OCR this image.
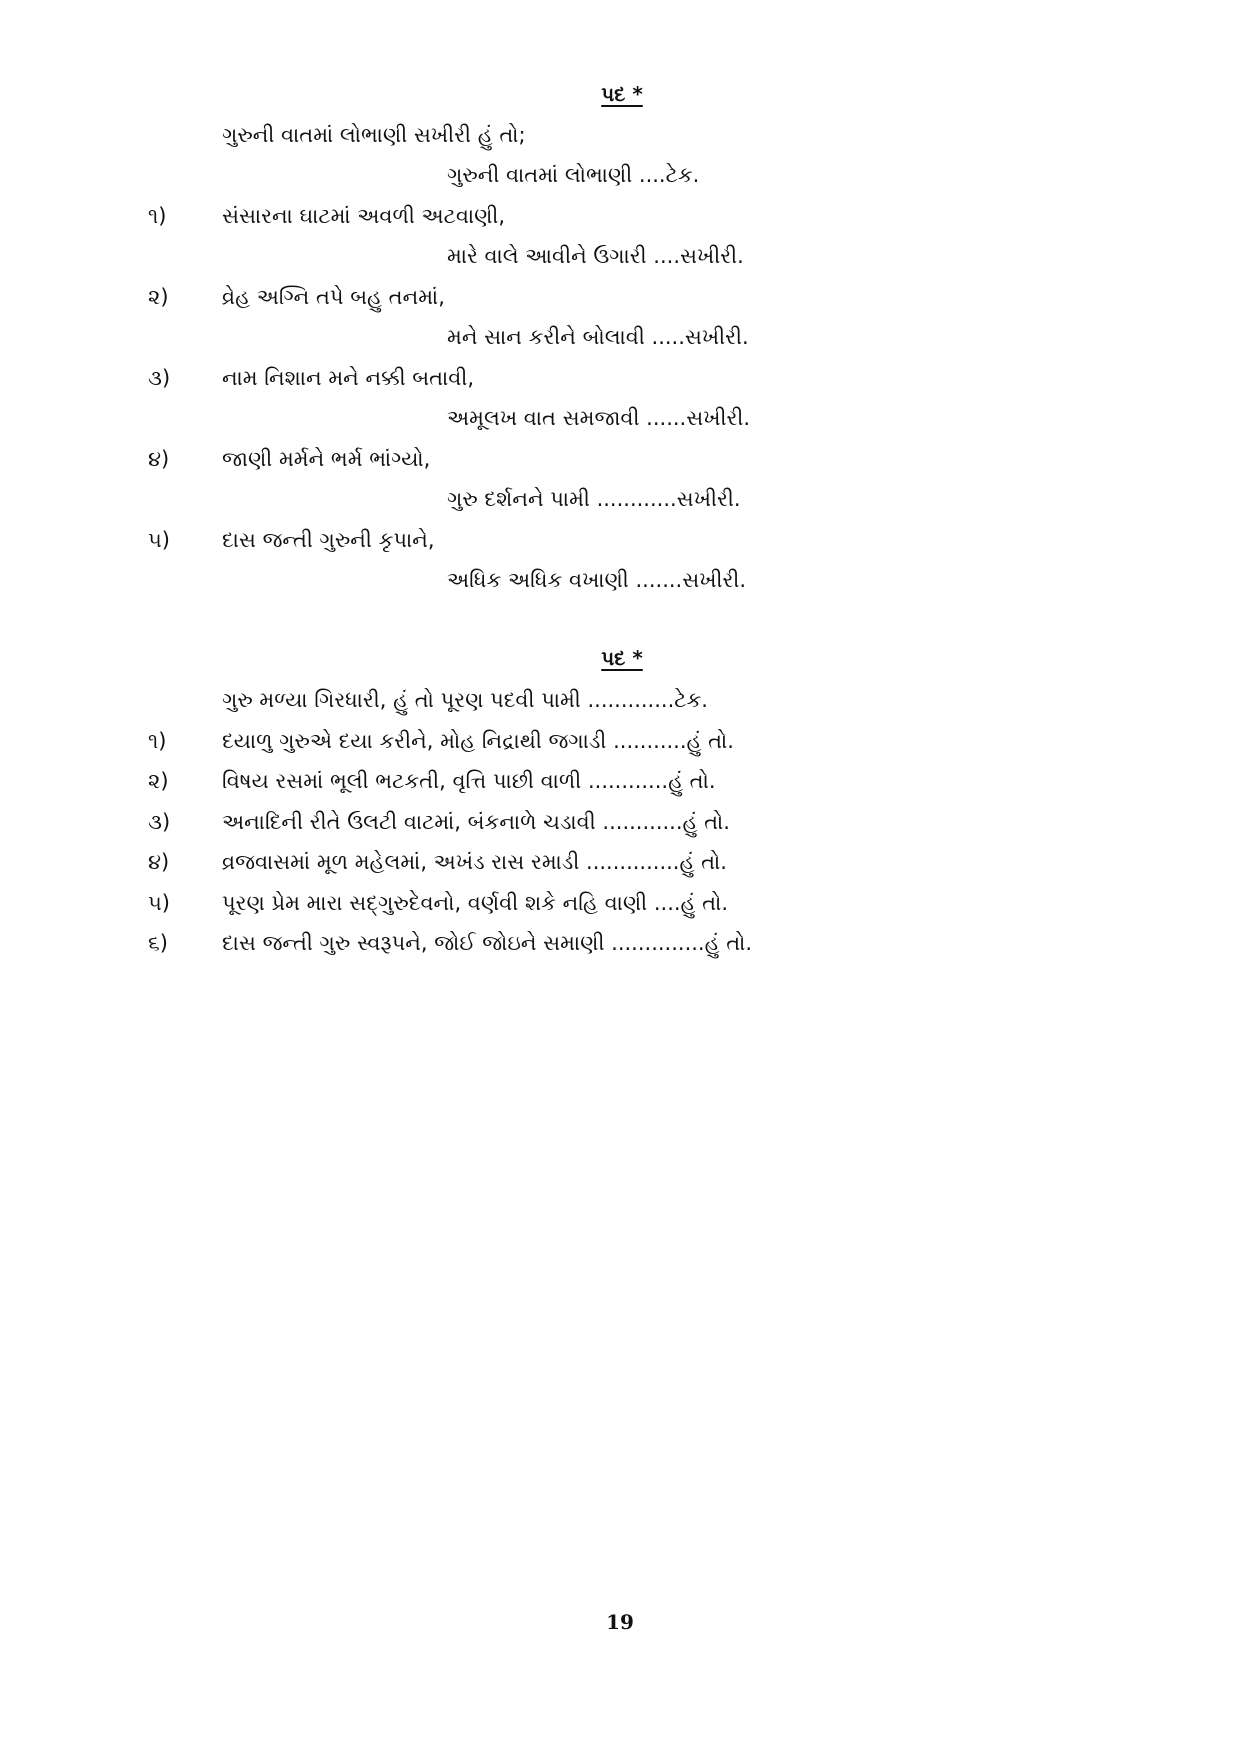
પદ *
ગુરુની વાતમાં લોભાણી સખીરી હું તો;
ગુરુની વાતમાં લોભાણી ....ટેક.
૧)	સંસારના ઘાટમાં અવળી અટવાણી,
મારે વાલે આવીને ઉગારી ....સખીરી.
૨)	વ્રેહ અગ્નિ તપે બહુ તનમાં,
મને સાન કરીને બોલાવી .....સખીરી.
૩) નામ નિશાન મને નક્કી બતાવી,
અમૂલખ વાત સમજાવી ......સખીરી.
૪)	જાણી મર્મને ભર્મ ભાંગ્યો,
ગુરુ દર્શનને પામી ............સખીરી.
૫) દાસ જન્તી ગુરુની કૃપાને,
અધિક અધિક વખાણી .......સખીરી.
પદ *
ગુરુ મળ્યા ગિરધારી, હું તો પૂરણ પદવી પામી .............ટેક.
૧)	દયાળુ ગુરુએ દયા કરીને, મોહ નિદ્રાથી જગાડી ...........હું તો.
૨)	વિષય રસમાં ભૂલી ભટકતી, વૃત્તિ પાછી વાળી ............હું તો.
૩) અનાદિની રીતે ઉલટી વાટમાં, બંકનાળે ચડાવી ............હું તો.
૪)	વ્રજવાસમાં મૂળ મહેલમાં, અખંડ રાસ રમાડી ..............હું તો.
૫) પૂરણ પ્રેમ મારા સદ્‌ગુરુદેવનો, વર્ણવી શકે નહિ વાણી ....હું તો.
૬)	દાસ જન્તી ગુરુ સ્વરૂપને, જોઈ જોઇને સમાણી ..............હું તો.
19
